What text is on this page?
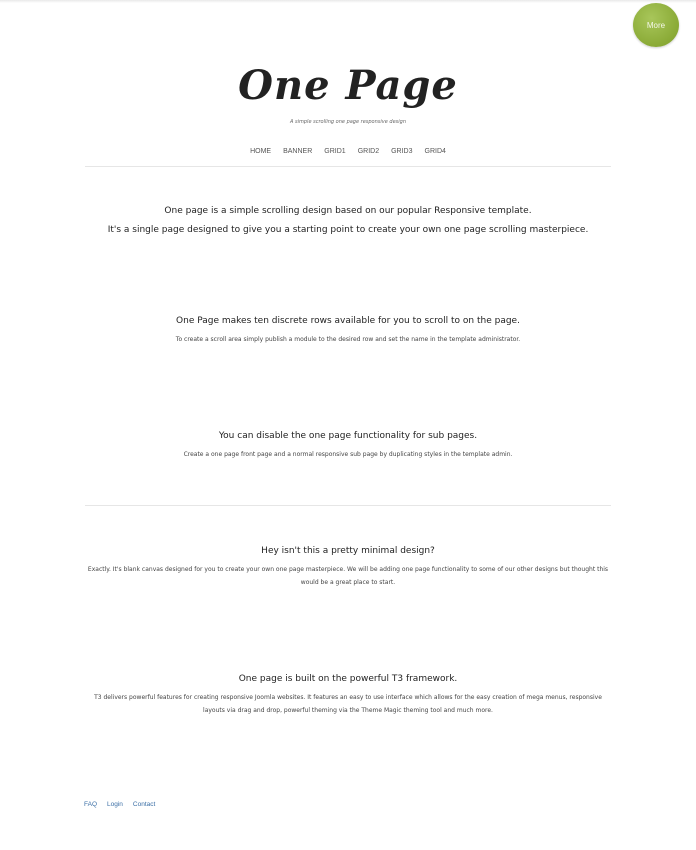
More
One Page
A simple scrolling one page responsive design
HOME BANNER GRID1 GRID2 GRID3 GRID4
One page is a simple scrolling design based on our popular Responsive template.
It's a single page designed to give you a starting point to create your own one page scrolling masterpiece.
One Page makes ten discrete rows available for you to scroll to on the page.
To create a scroll area simply publish a module to the desired row and set the name in the template administrator.
You can disable the one page functionality for sub pages.
Create a one page front page and a normal responsive sub page by duplicating styles in the template admin.
Hey isn't this a pretty minimal design?
Exactly. It's blank canvas designed for you to create your own one page masterpiece. We will be adding one page functionality to some of our other designs but thought this would be a great place to start.
One page is built on the powerful T3 framework.
T3 delivers powerful features for creating responsive Joomla websites. It features an easy to use interface which allows for the easy creation of mega menus, responsive layouts via drag and drop, powerful theming via the Theme Magic theming tool and much more.
FAQ Login Contact
